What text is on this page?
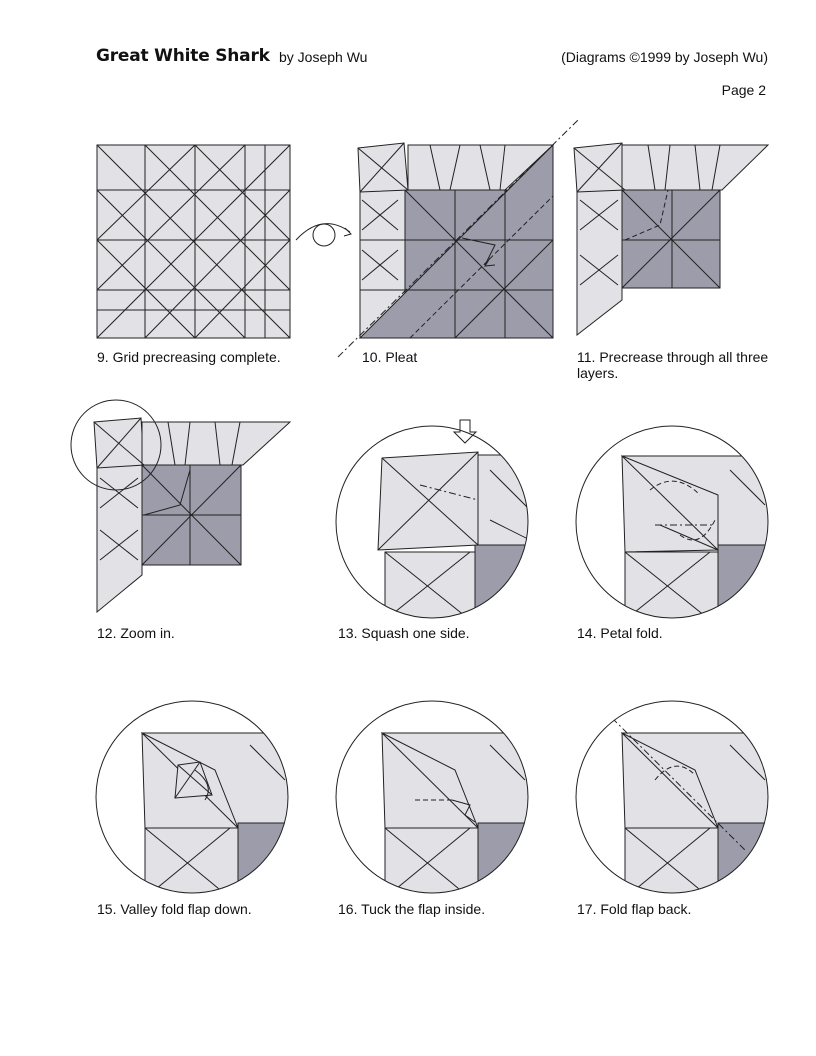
Great White Shark by Joseph Wu	(Diagrams ©1999 by Joseph Wu)
Page 2
9. Grid precreasing complete.	10. Pleat	11. Precrease through all three layers.
12. Zoom in.	13. Squash one side.	14. Petal fold.
15. Valley fold flap down.	16. Tuck the flap inside.	17. Fold flap back.
